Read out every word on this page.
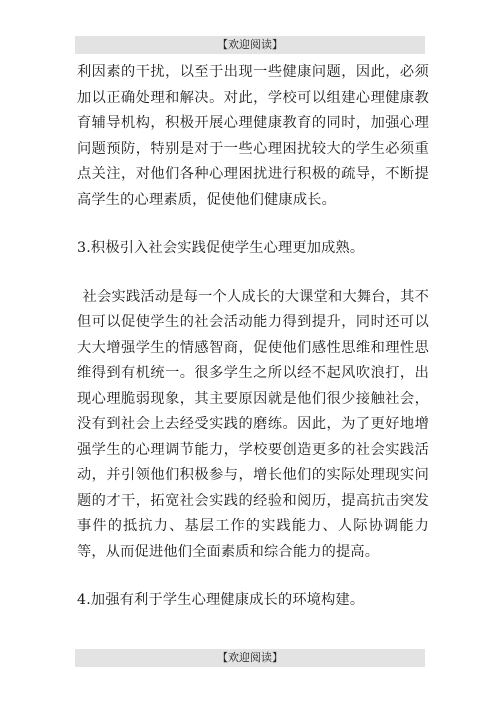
【欢迎阅读】

利因素的干扰，以至于出现一些健康问题，因此，必须加以正确处理和解决。对此，学校可以组建心理健康教育辅导机构，积极开展心理健康教育的同时，加强心理问题预防，特别是对于一些心理困扰较大的学生必须重点关注，对他们各种心理困扰进行积极的疏导，不断提高学生的心理素质，促使他们健康成长。

3.积极引入社会实践促使学生心理更加成熟。

社会实践活动是每一个人成长的大课堂和大舞台，其不但可以促使学生的社会活动能力得到提升，同时还可以大大增强学生的情感智商，促使他们感性思维和理性思维得到有机统一。很多学生之所以经不起风吹浪打，出现心理脆弱现象，其主要原因就是他们很少接触社会，没有到社会上去经受实践的磨练。因此，为了更好地增强学生的心理调节能力，学校要创造更多的社会实践活动，并引领他们积极参与，增长他们的实际处理现实问题的才干，拓宽社会实践的经验和阅历，提高抗击突发事件的抵抗力、基层工作的实践能力、人际协调能力等，从而促进他们全面素质和综合能力的提高。

4.加强有利于学生心理健康成长的环境构建。

【欢迎阅读】
